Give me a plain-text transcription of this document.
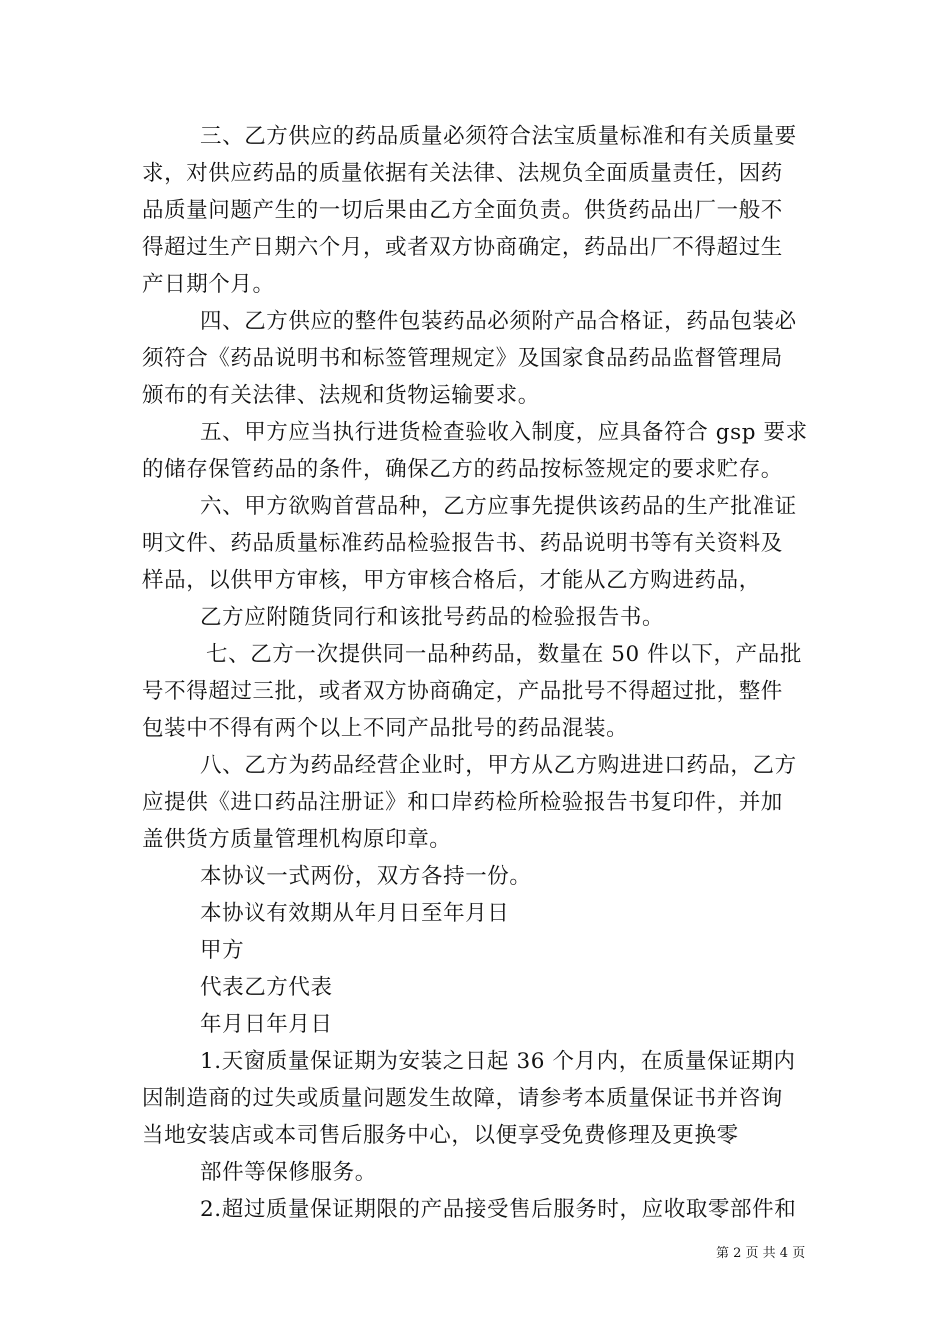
三、乙方供应的药品质量必须符合法宝质量标准和有关质量要
求，对供应药品的质量依据有关法律、法规负全面质量责任，因药
品质量问题产生的一切后果由乙方全面负责。供货药品出厂一般不
得超过生产日期六个月，或者双方协商确定，药品出厂不得超过生
产日期个月。
四、乙方供应的整件包装药品必须附产品合格证，药品包装必
须符合《药品说明书和标签管理规定》及国家食品药品监督管理局
颁布的有关法律、法规和货物运输要求。
五、甲方应当执行进货检查验收入制度，应具备符合 gsp 要求
的储存保管药品的条件，确保乙方的药品按标签规定的要求贮存。
六、甲方欲购首营品种，乙方应事先提供该药品的生产批准证
明文件、药品质量标准药品检验报告书、药品说明书等有关资料及
样品，以供甲方审核，甲方审核合格后，才能从乙方购进药品，
乙方应附随货同行和该批号药品的检验报告书。
七、乙方一次提供同一品种药品，数量在 50 件以下，产品批
号不得超过三批，或者双方协商确定，产品批号不得超过批，整件
包装中不得有两个以上不同产品批号的药品混装。
八、乙方为药品经营企业时，甲方从乙方购进进口药品，乙方
应提供《进口药品注册证》和口岸药检所检验报告书复印件，并加
盖供货方质量管理机构原印章。
本协议一式两份，双方各持一份。
本协议有效期从年月日至年月日
甲方
代表乙方代表
年月日年月日
1.天窗质量保证期为安装之日起 36 个月内，在质量保证期内
因制造商的过失或质量问题发生故障，请参考本质量保证书并咨询
当地安装店或本司售后服务中心，以便享受免费修理及更换零
部件等保修服务。
2.超过质量保证期限的产品接受售后服务时，应收取零部件和
第 2 页 共 4 页
